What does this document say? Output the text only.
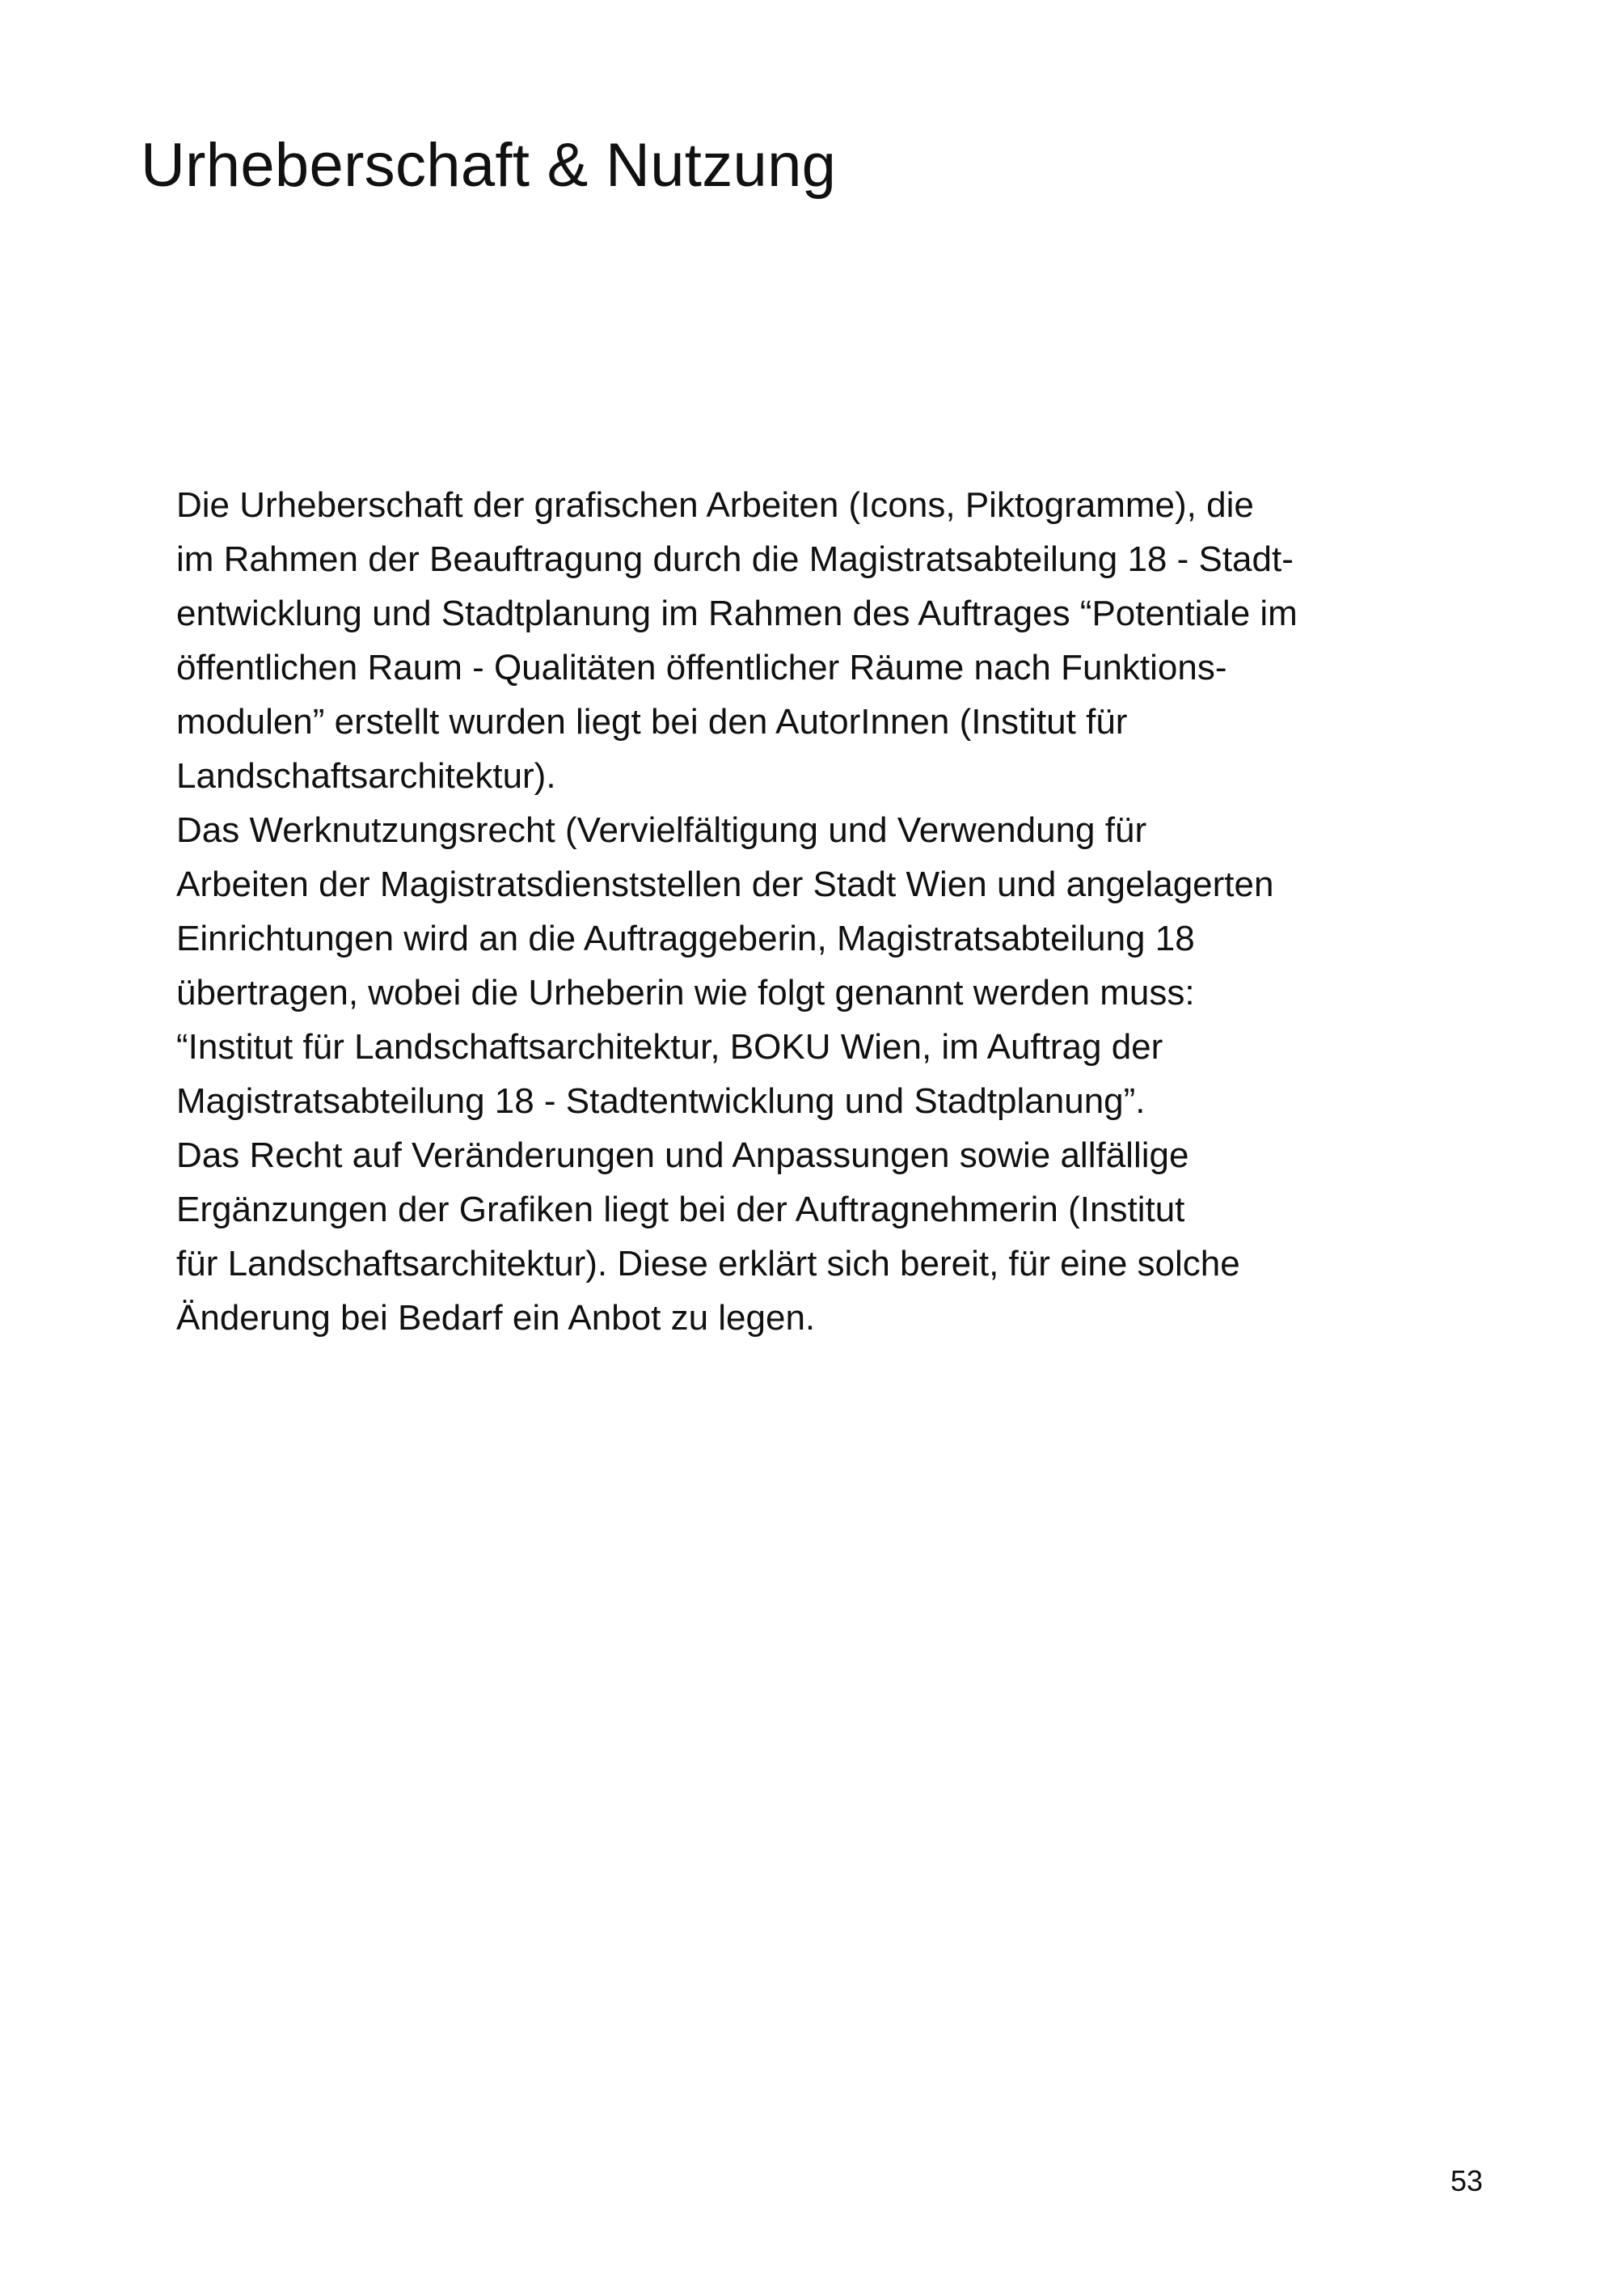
Urheberschaft & Nutzung
Die Urheberschaft der grafischen Arbeiten (Icons, Piktogramme), die
im Rahmen der Beauftragung durch die Magistratsabteilung 18 - Stadt-
entwicklung und Stadtplanung im Rahmen des Auftrages “Potentiale im
öffentlichen Raum - Qualitäten öffentlicher Räume nach Funktions-
modulen” erstellt wurden liegt bei den AutorInnen (Institut für
Landschaftsarchitektur).
Das Werknutzungsrecht (Vervielfältigung und Verwendung für
Arbeiten der Magistratsdienststellen der Stadt Wien und angelagerten
Einrichtungen wird an die Auftraggeberin, Magistratsabteilung 18
übertragen, wobei die Urheberin wie folgt genannt werden muss:
“Institut für Landschaftsarchitektur, BOKU Wien, im Auftrag der
Magistratsabteilung 18 - Stadtentwicklung und Stadtplanung”.
Das Recht auf Veränderungen und Anpassungen sowie allfällige
Ergänzungen der Grafiken liegt bei der Auftragnehmerin (Institut
für Landschaftsarchitektur). Diese erklärt sich bereit, für eine solche
Änderung bei Bedarf ein Anbot zu legen.
53
